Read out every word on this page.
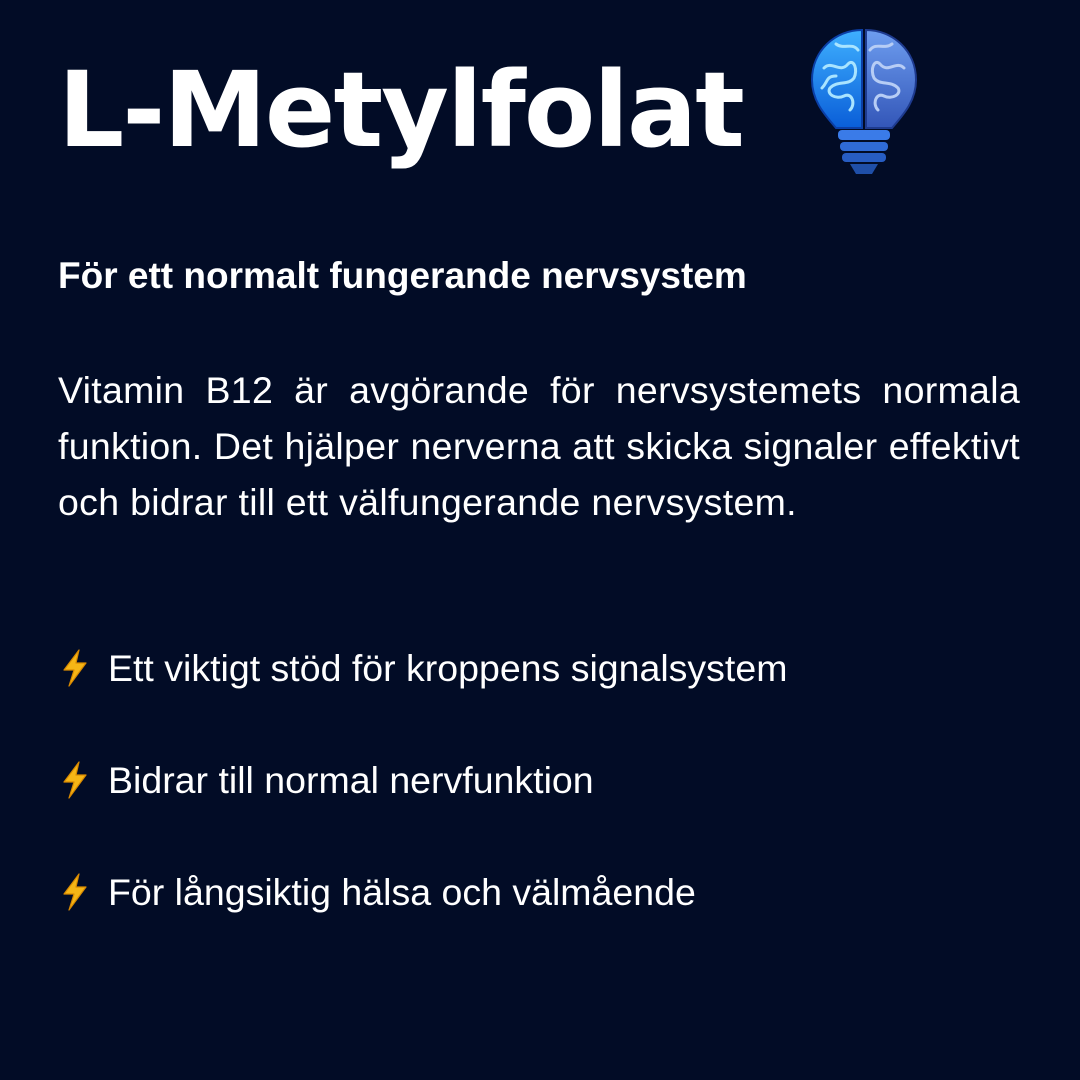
L-Metylfolat
För ett normalt fungerande nervsystem

Vitamin B12 är avgörande för nervsystemets normala funktion. Det hjälper nerverna att skicka signaler effektivt och bidrar till ett välfungerande nervsystem.

Ett viktigt stöd för kroppens signalsystem
Bidrar till normal nervfunktion
För långsiktig hälsa och välmående
